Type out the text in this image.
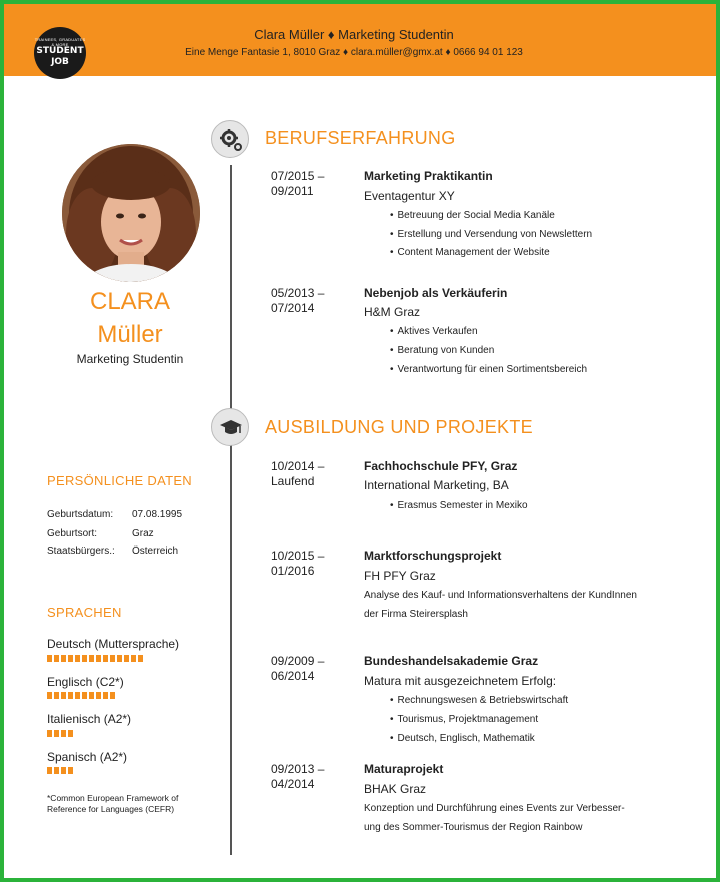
TRAINEES, GRADUATES & MORE
STUDENT
JOB
Clara Müller ♦ Marketing Studentin
Eine Menge Fantasie 1, 8010 Graz ♦ clara.müller@gmx.at ♦ 0666 94 01 123
CLARA
Müller
Marketing Studentin
PERSÖNLICHE DATEN
Geburtsdatum: 07.08.1995
Geburtsort:	Graz
Staatsbürgers.: Österreich
SPRACHEN
Deutsch (Muttersprache)
Englisch (C2*)
Italienisch (A2*)
Spanisch (A2*)
*Common European Framework of Reference for Languages (CEFR)
BERUFSERFAHRUNG
07/2015 –
09/2011
Marketing Praktikantin
Eventagentur XY
• Betreuung der Social Media Kanäle
• Erstellung und Versendung von Newslettern
• Content Management der Website
05/2013 –
07/2014
Nebenjob als Verkäuferin
H&M Graz
• Aktives Verkaufen
• Beratung von Kunden
• Verantwortung für einen Sortimentsbereich
AUSBILDUNG UND PROJEKTE
10/2014 –
Laufend
Fachhochschule PFY, Graz
International Marketing, BA
• Erasmus Semester in Mexiko
10/2015 –
01/2016
Marktforschungsprojekt
FH PFY Graz
Analyse des Kauf- und Informationsverhaltens der KundInnen
der Firma Steirersplash
09/2009 –
06/2014
Bundeshandelsakademie Graz
Matura mit ausgezeichnetem Erfolg:
• Rechnungswesen & Betriebswirtschaft
• Tourismus, Projektmanagement
• Deutsch, Englisch, Mathematik
09/2013 –
04/2014
Maturaprojekt
BHAK Graz
Konzeption und Durchführung eines Events zur Verbesser-
ung des Sommer-Tourismus der Region Rainbow
